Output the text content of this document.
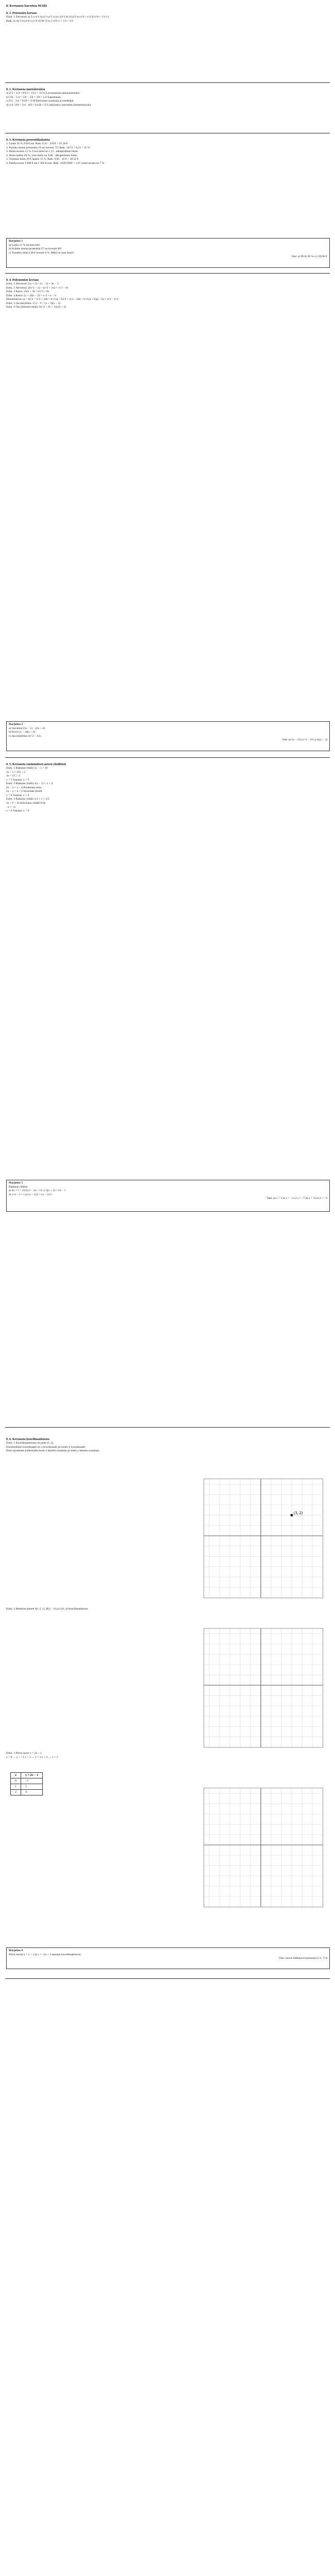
8. Kertausta kurssista MAB1
8. 1. Potenssien kertaus
Esim. 1 Sievennä: a) 3·a·a^2 b) a^3·a^5 c) (x^2)^3 d) (3x)^2 e) x^6 / x^2 f) 2^0 + 2^(-1)
Ratk. a) 3a^3 b) a^8 c) x^6 d) 9x^2 e) x^4 f) 1 + 1/2 = 3/2
8. 2. Kertausta murtoluvuista
a) 2/3 + 1/4 = 8/12 + 3/12 = 11/12 Lavennetaan samannimisiksi
b) 5/6 − 1/3 = 5/6 − 2/6 = 3/6 = 1/2 Supistetaan
c) 2/5 · 3/4 = 6/20 = 3/10 Kerrotaan osoittajat ja nimittäjät
d) 3/4 : 9/8 = 3/4 · 8/9 = 24/36 = 2/3 Jakolasku: kerrotaan käänteisluvulla
8. 3. Kertausta prosenttilaskuista
1. Laske 35 % 250 €:sta. Ratk. 0,35 · 250 € = 87,50 €
2. Kuinka monta prosenttia 18 on luvusta 72? Ratk. 18/72 = 0,25 = 25 %
3. Hinta nousee 12 %. Uusi hinta on 1,12 · alkuperäinen hinta.
4. Hinta laskee 20 %. Uusi hinta on 0,80 · alkuperäinen hinta.
5. Tuotteen hinta 45 € laskee 15 %. Ratk. 0,85 · 45 € = 38,25 €
6. Palkka nousi 1 800 €:sta 1 926 €:oon. Ratk. 1926/1800 = 1,07, joten nousu on 7 %
Harjoitus 1
a) Laske 15 % luvusta 640.
b) Kuinka monta prosenttia 27 on luvusta 90?
c) Tuotteen hinta 120 € nousee 8 %. Mikä on uusi hinta?
Vast: a) 96 b) 30 % c) 129,60 €
8. 4. Polynomien kertaus
Esim. 1 Sievennä: (3x + 2) + (x − 5) = 4x − 3
Esim. 2 Sievennä: (2x^2 − x) − (x^2 + 3x) = x^2 − 4x
Esim. 3 Kerro: 2x(x + 4) = 2x^2 + 8x
Esim. 4 Kerro: (x + 3)(x − 2) = x^2 + x − 6
Muistikaavat: (a + b)^2 = a^2 + 2ab + b^2 (a − b)^2 = a^2 − 2ab + b^2 (a + b)(a − b) = a^2 − b^2
Esim. 5 Jaa tekijöihin: x^2 − 9 = (x + 3)(x − 3)
Esim. 6 Ota yhteinen tekijä: 6x^2 + 9x = 3x(2x + 3)
Harjoitus 2
a) Sievennä (5x − 1) − (2x + 4).
b) Kerro (x − 4)(x + 4).
c) Jaa tekijöihin 4x^2 − 12x.
Vast: a) 3x − 5 b) x^2 − 16 c) 4x(x − 3)
8. 5. Kertausta ensimmäisen asteen yhtälöistä
Esim. 1 Ratkaise yhtälö 3x − 5 = 10
3x − 5 = 10 | + 5
3x = 15 | : 3
x = 5 Vastaus: x = 5
Esim. 2 Ratkaise yhtälö 2(x − 1) = x + 4
2x − 2 = x + 4 Poistetaan sulut
2x − x = 4 + 2 Siirretään termit
x = 6 Vastaus: x = 6
Esim. 3 Ratkaise yhtälö x/3 + 1 = x/2
2x + 6 = 3x Kerrotaan yhtälö 6:lla
−x = −6
x = 6 Vastaus: x = 6
Harjoitus 3
Ratkaise yhtälöt
a) 4x + 7 = 19 b) 5 − 2x = 11 c) 3(x + 2) = 2x − 1
d) x/4 − 2 = 1 e) (x + 1)/2 = (x − 3)/3
Vast: a) x = 3 b) x = −3 c) x = −7 d) x = 12 e) x = −9
8. 6. Kertausta koordinaatistosta
Esim. 1 Koordinaatistossa on piste (3, 2).
Ensimmäinen koordinaatti on x-koordinaatti ja toinen y-koordinaatti.
Piste sijoitetaan kulkemalla ensin x-akselin suuntaan ja sitten y-akselin suuntaan.
(3, 2)
Esim. 2 Merkitse pisteet A(−2, 1), B(1, −3) ja C(0, 4) koordinaatistoon.
Esim. 3 Piirrä suora y = 2x − 1.
x = 0 → y = −1 x = 1 → y = 1 x = 2 → y = 3
x	y = 2x − 1
0	−1
1	1
2	3
Harjoitus 4
Piirrä suorat y = x + 2 ja y = −2x + 3 samaan koordinaatistoon.
Vast: suorat leikkaavat pisteessä (1/3, 7/3)
